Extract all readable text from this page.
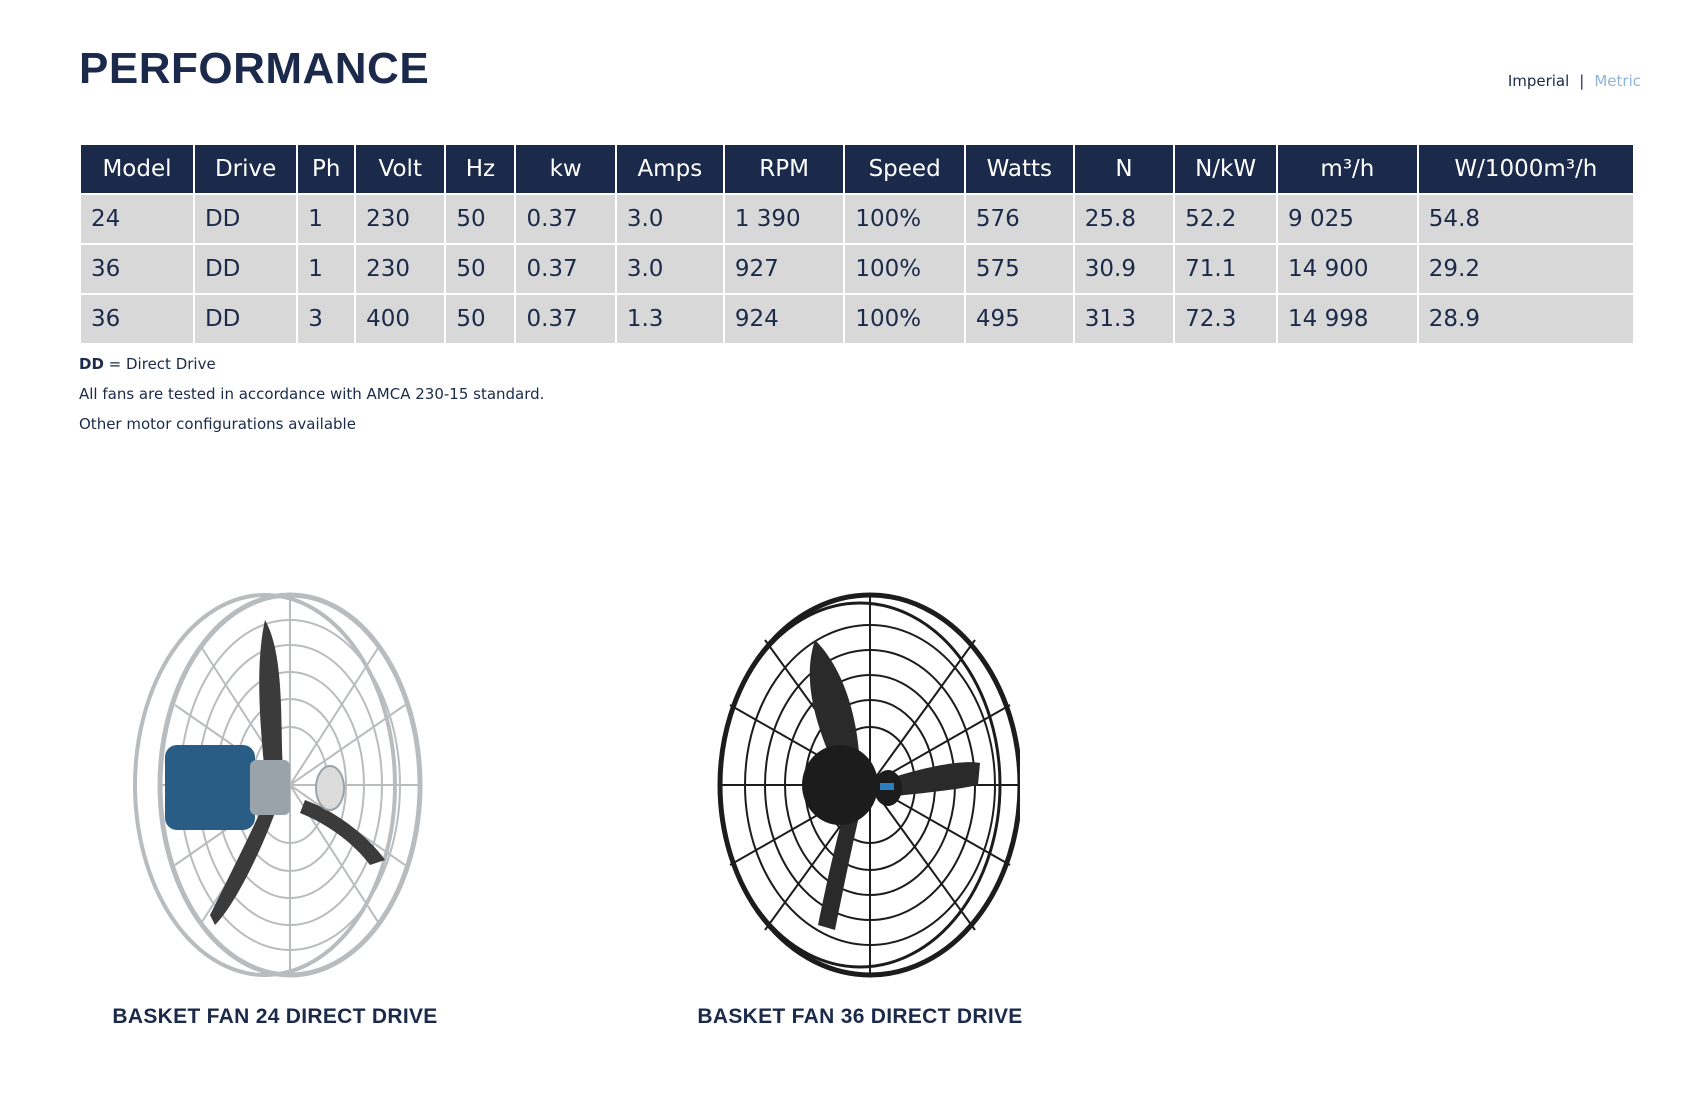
PERFORMANCE	Imperial | Metric
Model	Drive	Ph	Volt	Hz	kw	Amps	RPM	Speed	Watts	N	N/kW	m³/h	W/1000m³/h
24	DD	1	230	50	0.37	3.0	1 390	100%	576	25.8	52.2	9 025	54.8
36	DD	1	230	50	0.37	3.0	927	100%	575	30.9	71.1	14 900	29.2
36	DD	3	400	50	0.37	1.3	924	100%	495	31.3	72.3	14 998	28.9

DD = Direct Drive

All fans are tested in accordance with AMCA 230-15 standard.

Other motor configurations available

BASKET FAN 24 DIRECT DRIVE	BASKET FAN 36 DIRECT DRIVE
